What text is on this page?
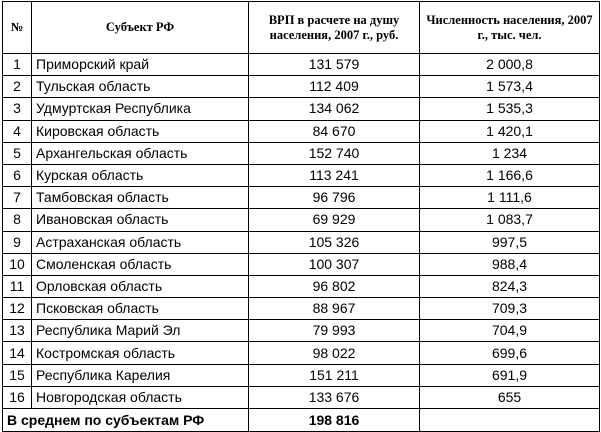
№	Субъект РФ	ВРП в расчете на душу населения, 2007 г., руб.	Численность населения, 2007 г., тыс. чел.
1	Приморский край	131 579	2 000,8
2	Тульская область	112 409	1 573,4
3	Удмуртская Республика	134 062	1 535,3
4	Кировская область	84 670	1 420,1
5	Архангельская область	152 740	1 234
6	Курская область	113 241	1 166,6
7	Тамбовская область	96 796	1 111,6
8	Ивановская область	69 929	1 083,7
9	Астраханская область	105 326	997,5
10	Смоленская область	100 307	988,4
11	Орловская область	96 802	824,3
12	Псковская область	88 967	709,3
13	Республика Марий Эл	79 993	704,9
14	Костромская область	98 022	699,6
15	Республика Карелия	151 211	691,9
16	Новгородская область	133 676	655
В среднем по субъектам РФ		198 816	
